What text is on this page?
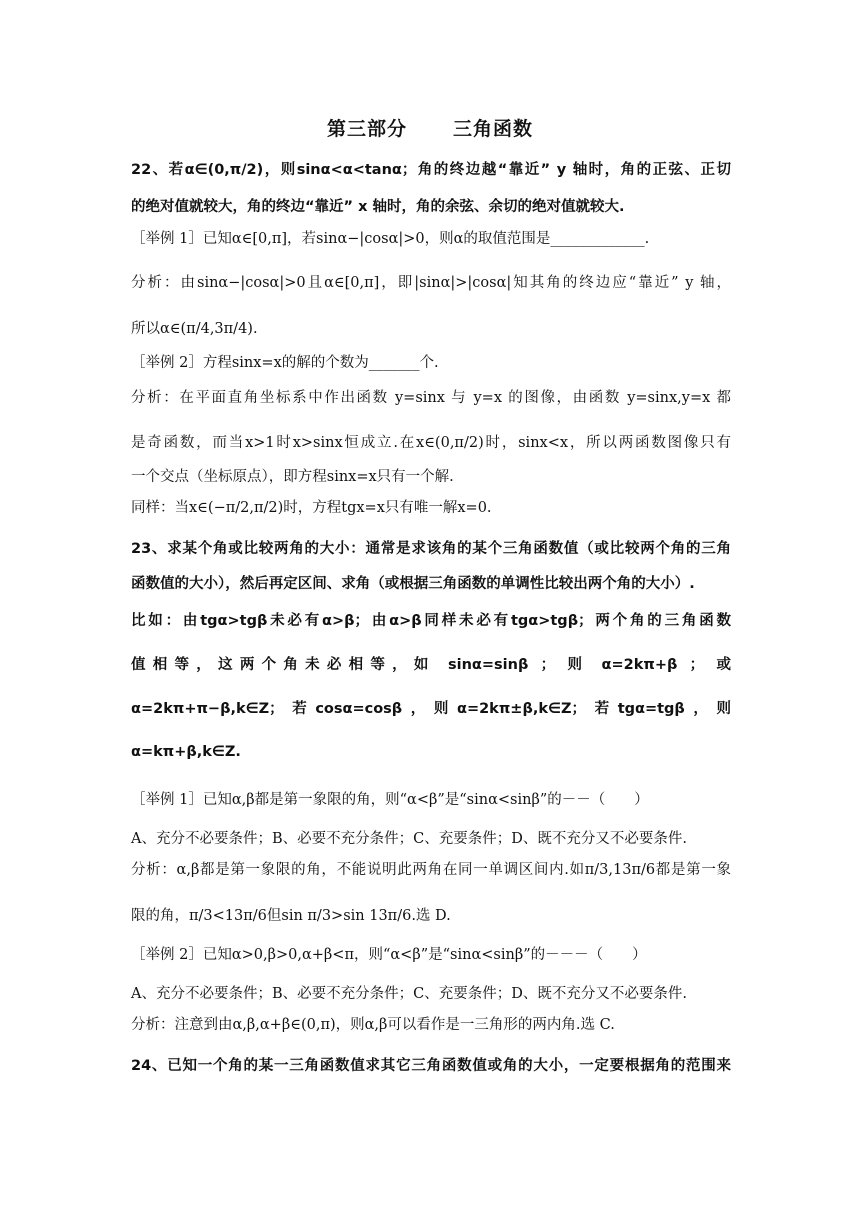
第三部分 三角函数
22、若α∈(0,π/2)，则sinα<α<tanα；角的终边越“靠近” y 轴时，角的正弦、正切
的绝对值就较大，角的终边“靠近” x 轴时，角的余弦、余切的绝对值就较大.
［举例 1］已知α∈[0,π]，若sinα−|cosα|>0，则α的取值范围是_____________.
分析：由sinα−|cosα|>0且α∈[0,π]，即|sinα|>|cosα|知其角的终边应“靠近” y 轴，
所以α∈(π/4,3π/4).
［举例 2］方程sinx=x的解的个数为_______个.
分析：在平面直角坐标系中作出函数 y=sinx 与 y=x 的图像，由函数 y=sinx,y=x 都
是奇函数，而当x>1时x>sinx恒成立.在x∈(0,π/2)时，sinx<x，所以两函数图像只有
一个交点（坐标原点），即方程sinx=x只有一个解.
同样：当x∈(−π/2,π/2)时，方程tgx=x只有唯一解x=0.
23、求某个角或比较两角的大小：通常是求该角的某个三角函数值（或比较两个角的三角
函数值的大小），然后再定区间、求角（或根据三角函数的单调性比较出两个角的大小）.
比如：由tgα>tgβ未必有α>β；由α>β同样未必有tgα>tgβ；两个角的三角函数
值相等，这两个角未必相等，如 sinα=sinβ ； 则 α=2kπ+β ； 或
α=2kπ+π−β,k∈Z；若cosα=cosβ，则α=2kπ±β,k∈Z；若tgα=tgβ，则
α=kπ+β,k∈Z.
［举例 1］已知α,β都是第一象限的角，则“α<β”是“sinα<sinβ”的－－（　　）
A、充分不必要条件；B、必要不充分条件；C、充要条件；D、既不充分又不必要条件.
分析：α,β都是第一象限的角，不能说明此两角在同一单调区间内.如π/3,13π/6都是第一象
限的角，π/3<13π/6但sin π/3>sin 13π/6.选 D.
［举例 2］已知α>0,β>0,α+β<π，则“α<β”是“sinα<sinβ”的－－－（　　）
A、充分不必要条件；B、必要不充分条件；C、充要条件；D、既不充分又不必要条件.
分析：注意到由α,β,α+β∈(0,π)，则α,β可以看作是一三角形的两内角.选 C.
24、已知一个角的某一三角函数值求其它三角函数值或角的大小，一定要根据角的范围来
